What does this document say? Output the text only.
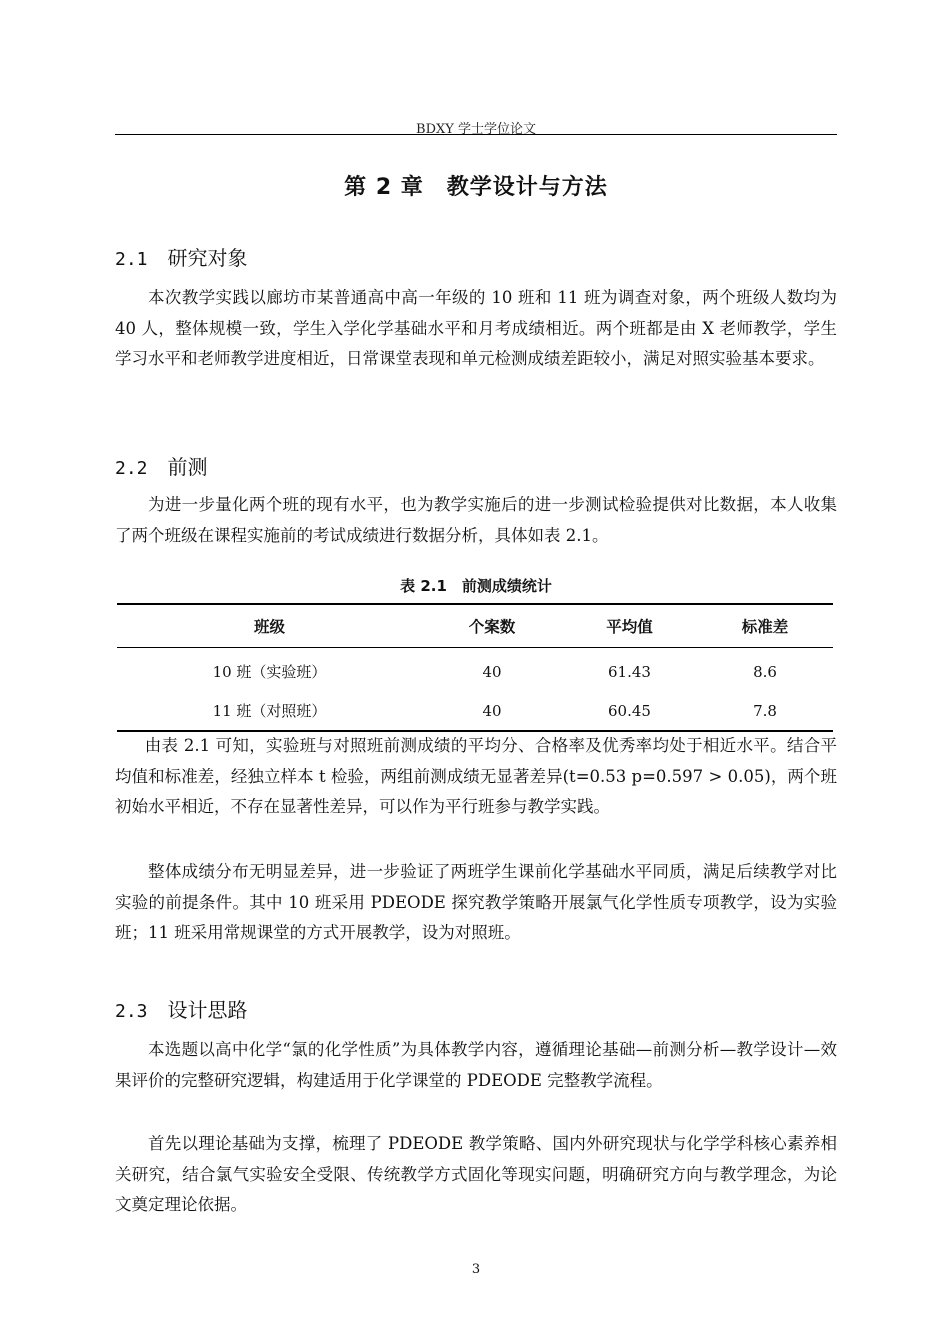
BDXY 学士学位论文
第 2 章　教学设计与方法
2.1 研究对象

本次教学实践以廊坊市某普通高中高一年级的 10 班和 11 班为调查对象，两个班级人数均为 40 人，整体规模一致，学生入学化学基础水平和月考成绩相近。两个班都是由 X 老师教学，学生学习水平和老师教学进度相近，日常课堂表现和单元检测成绩差距较小，满足对照实验基本要求。

2.2 前测

为进一步量化两个班的现有水平，也为教学实施后的进一步测试检验提供对比数据，本人收集了两个班级在课程实施前的考试成绩进行数据分析，具体如表 2.1。

表 2.1　前测成绩统计
班级	个案数	平均值	标准差
10 班（实验班）	40	61.43	8.6
11 班（对照班）	40	60.45	7.8

由表 2.1 可知，实验班与对照班前测成绩的平均分、合格率及优秀率均处于相近水平。结合平均值和标准差，经独立样本 t 检验，两组前测成绩无显著差异(t=0.53 p=0.597 > 0.05)，两个班初始水平相近，不存在显著性差异，可以作为平行班参与教学实践。

整体成绩分布无明显差异，进一步验证了两班学生课前化学基础水平同质，满足后续教学对比实验的前提条件。其中 10 班采用 PDEODE 探究教学策略开展氯气化学性质专项教学，设为实验班；11 班采用常规课堂的方式开展教学，设为对照班。

2.3 设计思路

本选题以高中化学“氯的化学性质”为具体教学内容，遵循理论基础—前测分析—教学设计—效果评价的完整研究逻辑，构建适用于化学课堂的 PDEODE 完整教学流程。

首先以理论基础为支撑，梳理了 PDEODE 教学策略、国内外研究现状与化学学科核心素养相关研究，结合氯气实验安全受限、传统教学方式固化等现实问题，明确研究方向与教学理念，为论文奠定理论依据。

3
